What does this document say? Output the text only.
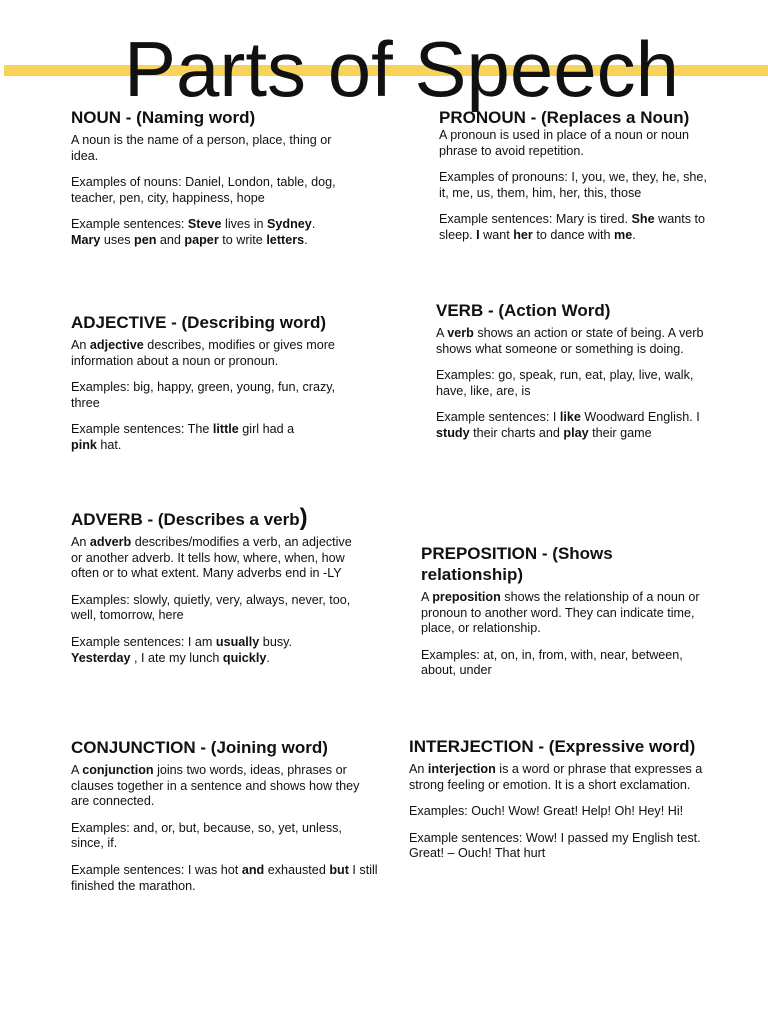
Parts of Speech
NOUN - (Naming word)

A noun is the name of a person, place, thing or idea.

Examples of nouns: Daniel, London, table, dog, teacher, pen, city, happiness, hope

Example sentences: Steve lives in Sydney. Mary uses pen and paper to write letters.

PRONOUN - (Replaces a Noun)

A pronoun is used in place of a noun or noun phrase to avoid repetition.

Examples of pronouns: I, you, we, they, he, she, it, me, us, them, him, her, this, those

Example sentences: Mary is tired. She wants to sleep. I want her to dance with me.

ADJECTIVE - (Describing word)

An adjective describes, modifies or gives more information about a noun or pronoun.

Examples: big, happy, green, young, fun, crazy, three

Example sentences: The little girl had a pink hat.

VERB - (Action Word)

A verb shows an action or state of being. A verb shows what someone or something is doing.

Examples: go, speak, run, eat, play, live, walk, have, like, are, is

Example sentences: I like Woodward English. I study their charts and play their game

ADVERB - (Describes a verb)

An adverb describes/modifies a verb, an adjective or another adverb. It tells how, where, when, how often or to what extent. Many adverbs end in -LY

Examples: slowly, quietly, very, always, never, too, well, tomorrow, here

Example sentences: I am usually busy. Yesterday , I ate my lunch quickly.

PREPOSITION - (Shows relationship)

A preposition shows the relationship of a noun or pronoun to another word. They can indicate time, place, or relationship.

Examples: at, on, in, from, with, near, between, about, under

CONJUNCTION - (Joining word)

A conjunction joins two words, ideas, phrases or clauses together in a sentence and shows how they are connected.

Examples: and, or, but, because, so, yet, unless, since, if.

Example sentences: I was hot and exhausted but I still finished the marathon.

INTERJECTION - (Expressive word)

An interjection is a word or phrase that expresses a strong feeling or emotion. It is a short exclamation.

Examples: Ouch! Wow! Great! Help! Oh! Hey! Hi!

Example sentences: Wow! I passed my English test. Great! – Ouch! That hurt
